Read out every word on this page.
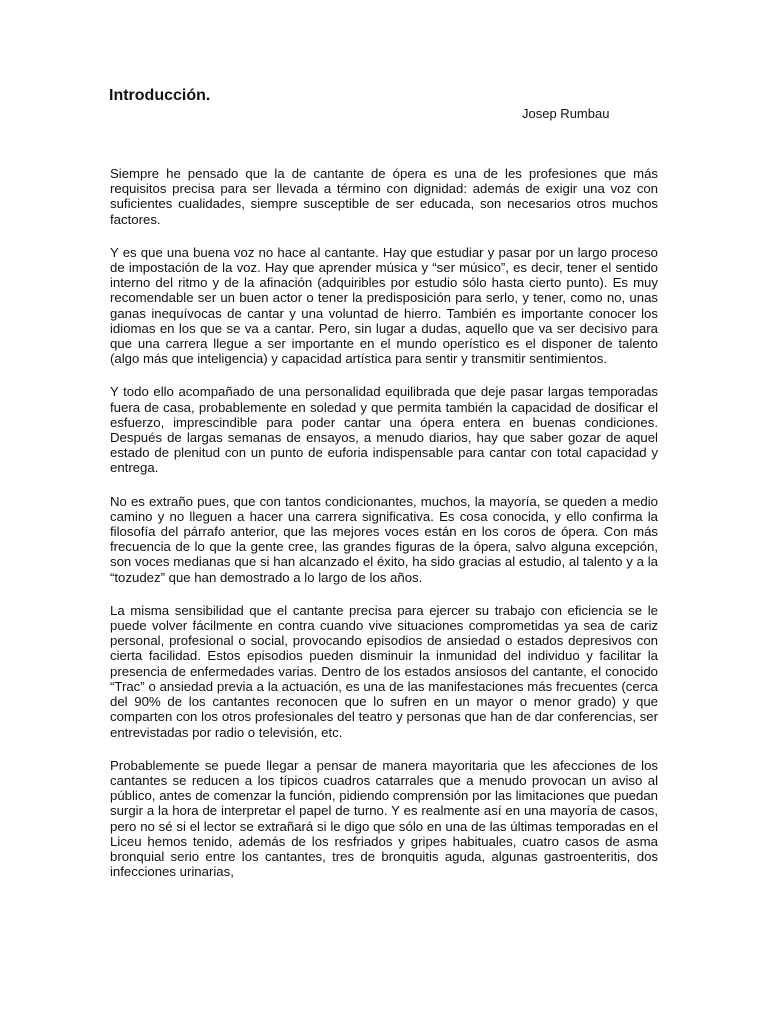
Introducción.

Josep Rumbau

Siempre he pensado que la de cantante de ópera es una de les profesiones que más requisitos precisa para ser llevada a término con dignidad: además de exigir una voz con suficientes cualidades, siempre susceptible de ser educada, son necesarios otros muchos factores.

Y es que una buena voz no hace al cantante. Hay que estudiar y pasar por un largo proceso de impostación de la voz. Hay que aprender música y “ser músico”, es decir, tener el sentido interno del ritmo y de la afinación (adquiribles por estudio sólo hasta cierto punto). Es muy recomendable ser un buen actor o tener la predisposición para serlo, y tener, como no, unas ganas inequívocas de cantar y una voluntad de hierro. También es importante conocer los idiomas en los que se va a cantar. Pero, sin lugar a dudas, aquello que va ser decisivo para que una carrera llegue a ser importante en el mundo operístico es el disponer de talento (algo más que inteligencia) y capacidad artística para sentir y transmitir sentimientos.

Y todo ello acompañado de una personalidad equilibrada que deje pasar largas temporadas fuera de casa, probablemente en soledad y que permita también la capacidad de dosificar el esfuerzo, imprescindible para poder cantar una ópera entera en buenas condiciones. Después de largas semanas de ensayos, a menudo diarios, hay que saber gozar de aquel estado de plenitud con un punto de euforia indispensable para cantar con total capacidad y entrega.

No es extraño pues, que con tantos condicionantes, muchos, la mayoría, se queden a medio camino y no lleguen a hacer una carrera significativa. Es cosa conocida, y ello confirma la filosofía del párrafo anterior, que las mejores voces están en los coros de ópera. Con más frecuencia de lo que la gente cree, las grandes figuras de la ópera, salvo alguna excepción, son voces medianas que si han alcanzado el éxito, ha sido gracias al estudio, al talento y a la “tozudez” que han demostrado a lo largo de los años.

La misma sensibilidad que el cantante precisa para ejercer su trabajo con eficiencia se le puede volver fácilmente en contra cuando vive situaciones comprometidas ya sea de cariz personal, profesional o social, provocando episodios de ansiedad o estados depresivos con cierta facilidad. Estos episodios pueden disminuir la inmunidad del individuo y facilitar la presencia de enfermedades varias. Dentro de los estados ansiosos del cantante, el conocido “Trac” o ansiedad previa a la actuación, es una de las manifestaciones más frecuentes (cerca del 90% de los cantantes reconocen que lo sufren en un mayor o menor grado) y que comparten con los otros profesionales del teatro y personas que han de dar conferencias, ser entrevistadas por radio o televisión, etc.

Probablemente se puede llegar a pensar de manera mayoritaria que les afecciones de los cantantes se reducen a los típicos cuadros catarrales que a menudo provocan un aviso al público, antes de comenzar la función, pidiendo comprensión por las limitaciones que puedan surgir a la hora de interpretar el papel de turno. Y es realmente así en una mayoría de casos, pero no sé si el lector se extrañará si le digo que sólo en una de las últimas temporadas en el Liceu hemos tenido, además de los resfriados y gripes habituales, cuatro casos de asma bronquial serio entre los cantantes, tres de bronquitis aguda, algunas gastroenteritis, dos infecciones urinarias,
